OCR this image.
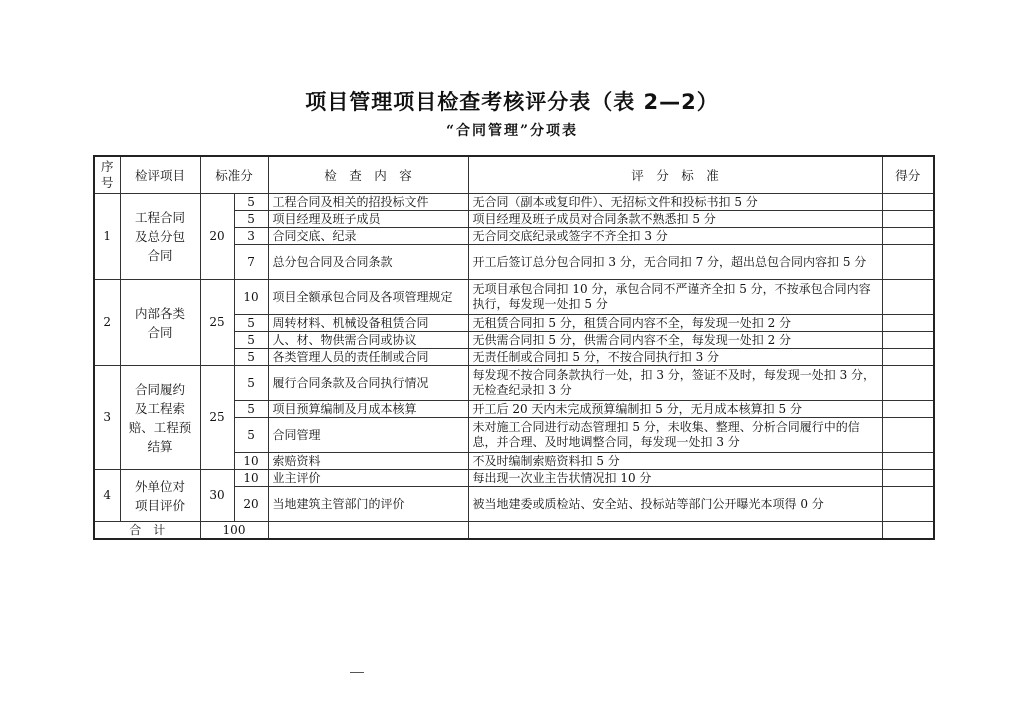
项目管理项目检查考核评分表（表 2—2）
“合同管理”分项表
序
号	检评项目	标准分		检　查　内　容	评　分　标　准	得分
1	工程合同
及总分包
合同	20	5	工程合同及相关的招投标文件	无合同（副本或复印件）、无招标文件和投标书扣 5 分	
			5	项目经理及班子成员	项目经理及班子成员对合同条款不熟悉扣 5 分	
			3	合同交底、纪录	无合同交底纪录或签字不齐全扣 3 分	
			7	总分包合同及合同条款	开工后签订总分包合同扣 3 分，无合同扣 7 分，超出总包合同内容扣 5 分	
2	内部各类
合同	25	10	项目全额承包合同及各项管理规定	无项目承包合同扣 10 分，承包合同不严谨齐全扣 5 分，不按承包合同内容执行，每发现一处扣 5 分	
			5	周转材料、机械设备租赁合同	无租赁合同扣 5 分，租赁合同内容不全，每发现一处扣 2 分	
			5	人、材、物供需合同或协议	无供需合同扣 5 分，供需合同内容不全，每发现一处扣 2 分	
			5	各类管理人员的责任制或合同	无责任制或合同扣 5 分，不按合同执行扣 3 分	
3	合同履约
及工程索
赔、工程预
结算	25	5	履行合同条款及合同执行情况	每发现不按合同条款执行一处，扣 3 分，签证不及时，每发现一处扣 3 分，无检查纪录扣 3 分	
			5	项目预算编制及月成本核算	开工后 20 天内未完成预算编制扣 5 分，无月成本核算扣 5 分	
			5	合同管理	未对施工合同进行动态管理扣 5 分，未收集、整理、分析合同履行中的信息，并合理、及时地调整合同，每发现一处扣 3 分	
			10	索赔资料	不及时编制索赔资料扣 5 分	
4	外单位对
项目评价	30	10	业主评价	每出现一次业主告状情况扣 10 分	
			20	当地建筑主管部门的评价	被当地建委或质检站、安全站、投标站等部门公开曝光本项得 0 分	
合　计		100				
